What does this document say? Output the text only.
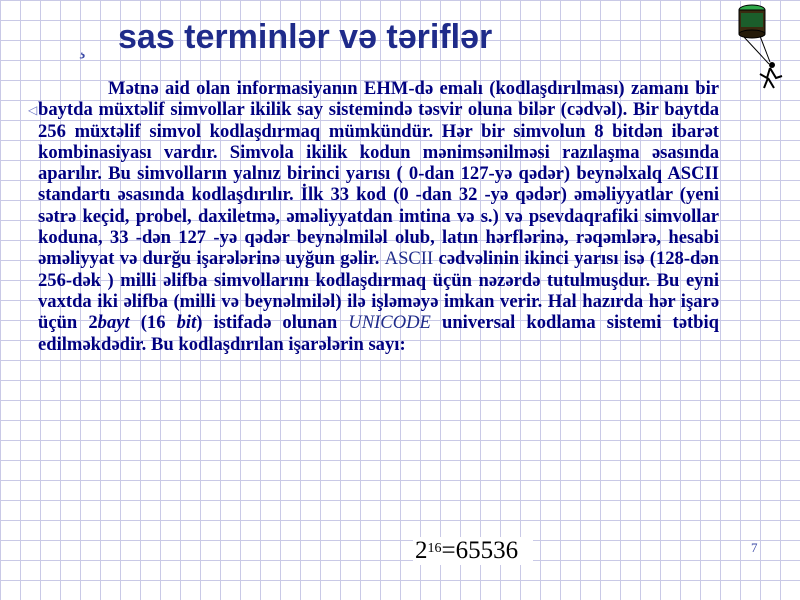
¸ sas terminlər vǝ tǝriflǝr
◁

Mǝtnǝ aid olan informasiyanın EHM-dǝ emalı (kodlaşdırılması) zamanı bir baytda müxtǝlif simvollar ikilik say sistemindǝ tǝsvir oluna bilǝr (cǝdvǝl). Bir baytda 256 müxtǝlif simvol kodlaşdırmaq mümkündür. Hǝr bir simvolun 8 bitdǝn ibarǝt kombinasiyası vardır. Simvola ikilik kodun mǝnimsǝnilmǝsi razılaşma ǝsasında aparılır. Bu simvolların yalnız birinci yarısı ( 0-dan 127-yǝ qǝdǝr) beynǝlxalq ASCII standartı ǝsasında kodlaşdırılır. İlk 33 kod (0 -dan 32 -yǝ qǝdǝr) ǝmǝliyyatlar (yeni sǝtrǝ keçid, probel, daxiletmǝ, ǝmǝliyyatdan imtina vǝ s.) vǝ psevdaqrafiki simvollar koduna, 33 -dǝn 127 -yǝ qǝdǝr beynǝlmilǝl olub, latın hǝrflǝrinǝ, rǝqǝmlǝrǝ, hesabi ǝmǝliyyat vǝ durğu işarǝlǝrinǝ uyğun gǝlir. ASCII cǝdvǝlinin ikinci yarısı isǝ (128-dǝn 256-dǝk ) milli ǝlifba simvollarını kodlaşdırmaq üçün nǝzǝrdǝ tutulmuşdur. Bu eyni vaxtda iki ǝlifba (milli vǝ beynǝlmilǝl) ilǝ işlǝmǝyǝ imkan verir. Hal hazırda hǝr işarǝ üçün 2bayt (16 bit) istifadǝ olunan UNICODE universal kodlama sistemi tǝtbiq edilmǝkdǝdir. Bu kodlaşdırılan işarǝlǝrin sayı:

$2^{16}=65536$	7
